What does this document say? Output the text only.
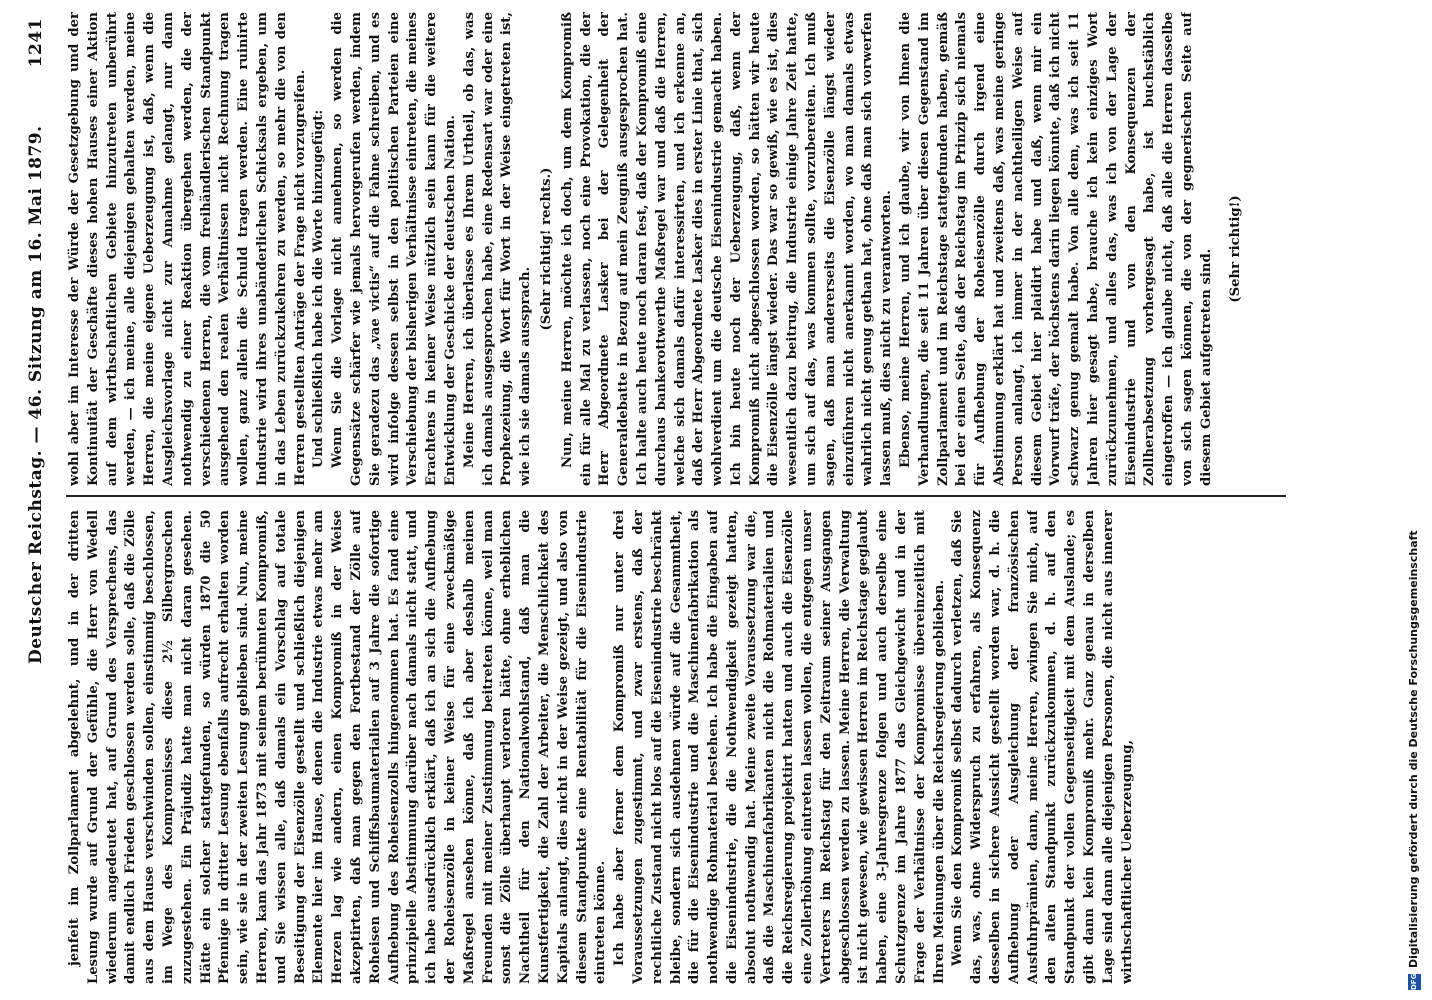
Deutscher Reichstag. — 46. Sitzung am 16. Mai 1879.
1241

jenfeit im Zollparlament abgelehnt, und in der dritten Lesung wurde auf Grund der Gefühle, die Herr von Wedell wiederum angedeutet hat, auf Grund des Versprechens, das damit endlich Frieden geschlossen werden solle, daß die Zölle aus dem Hause verschwinden sollen, einstimmig beschlossen, im Wege des Kompromisses diese 2½ Silbergroschen zuzugestehen. Ein Präjudiz hatte man nicht daran gesehen. Hätte ein solcher stattgefunden, so würden 1870 die 50 Pfennige in dritter Lesung ebenfalls aufrecht erhalten worden sein, wie sie in der zweiten Lesung geblieben sind. Nun, meine Herren, kam das Jahr 1873 mit seinem berühmten Kompromiß, und Sie wissen alle, daß damals ein Vorschlag auf totale Beseitigung der Eisenzölle gestellt und schließlich diejenigen Elemente hier im Hause, denen die Industrie etwas mehr am Herzen lag wie andern, einen Kompromiß in der Weise akzeptirten, daß man gegen den Fortbestand der Zölle auf Roheisen und Schiffsbaumaterialien auf 3 Jahre die sofortige Aufhebung des Roheisenzolls hingenommen hat. Es fand eine prinzipielle Abstimmung darüber nach damals nicht statt, und ich habe ausdrücklich erklärt, daß ich an sich die Aufhebung der Roheisenzölle in keiner Weise für eine zweckmäßige Maßregel ansehen könne, daß ich aber deshalb meinen Freunden mit meiner Zustimmung beitreten könne, weil man sonst die Zölle überhaupt verloren hätte, ohne erheblichen Nachtheil für den Nationalwohlstand, daß man die Kunstfertigkeit, die Zahl der Arbeiter, die Menschlichkeit des Kapitals anlangt, dies nicht in der Weise gezeigt, und also von diesem Standpunkte eine Rentabilität für die Eisenindustrie eintreten könne. Ich habe aber ferner dem Kompromiß nur unter drei Voraussetzungen zugestimmt, und zwar erstens, daß der rechtliche Zustand nicht blos auf die Eisenindustrie beschränkt bleibe, sondern sich ausdehnen würde auf die Gesammtheit, die für die Eisenindustrie und die Maschinenfabrikation als nothwendige Rohmaterial bestehen. Ich habe die Eingaben auf die Eisenindustrie, die die Nothwendigkeit gezeigt hatten, absolut nothwendig hat. Meine zweite Voraussetzung war die, daß die Maschinenfabrikanten nicht die Rohmaterialien und die Reichsregierung projektirt hatten und auch die Eisenzölle eine Zollerhöhung eintreten lassen wollen, die entgegen unser Vertreters im Reichstag für den Zeitraum seiner Ausgangen abgeschlossen werden zu lassen. Meine Herren, die Verwaltung ist nicht gewesen, wie gewissen Herren im Reichstage geglaubt haben, eine 3-Jahresgrenze folgen und auch derselbe eine Schutzgrenze im Jahre 1877 das Gleichgewicht und in der Frage der Verhältnisse der Kompromisse übereinzeitlich mit Ihren Meinungen über die Reichsregierung geblieben. Wenn Sie den Kompromiß selbst dadurch verletzen, daß Sie das, was, ohne Widerspruch zu erfahren, als Konsequenz desselben in sichere Aussicht gestellt worden war, d. h. die Aufhebung oder Ausgleichung der französischen Ausfuhrprämien, dann, meine Herren, zwingen Sie mich, auf den alten Standpunkt zurückzukommen, d. h. auf den Standpunkt der vollen Gegenseitigkeit mit dem Auslande; es gibt dann kein Kompromiß mehr. Ganz genau in derselben Lage sind dann alle diejenigen Personen, die nicht aus innerer wirthschaftlicher Ueberzeugung,

wohl aber im Interesse der Würde der Gesetzgebung und der Kontinuität der Geschäfte dieses hohen Hauses einer Aktion auf dem wirthschaftlichen Gebiete hinzutreten unberührt werden, — ich meine, alle diejenigen gehalten werden, meine Herren, die meine eigene Ueberzeugung ist, daß, wenn die Ausgleichsvorlage nicht zur Annahme gelangt, nur dann nothwendig zu einer Reaktion übergehen werden, die der verschiedenen Herren, die vom freihändlerischen Standpunkt ausgehend den realen Verhältnissen nicht Rechnung tragen wollen, ganz allein die Schuld tragen werden. Eine ruinirte Industrie wird ihres unabänderlichen Schicksals ergeben, um in das Leben zurückzukehren zu werden, so mehr die von den Herren gestellten Anträge der Frage nicht vorzugreifen. Und schließlich habe ich die Worte hinzugefügt: Wenn Sie die Vorlage nicht annehmen, so werden die Gegensätze schärfer wie jemals hervorgerufen werden, indem Sie geradezu das „vae victis“ auf die Fahne schreiben, und es wird infolge dessen selbst in den politischen Parteien eine Verschiebung der bisherigen Verhältnisse eintreten, die meines Erachtens in keiner Weise nützlich sein kann für die weitere Entwicklung der Geschicke der deutschen Nation. Meine Herren, ich überlasse es Ihrem Urtheil, ob das, was ich damals ausgesprochen habe, eine Redensart war oder eine Prophezeiung, die Wort für Wort in der Weise eingetreten ist, wie ich sie damals aussprach.

(Sehr richtig! rechts.) Nun, meine Herren, möchte ich doch, um dem Kompromiß ein für alle Mal zu verlassen, noch eine Provokation, die der Herr Abgeordnete Lasker bei der Gelegenheit der Generaldebatte in Bezug auf mein Zeugniß ausgesprochen hat. Ich halte auch heute noch daran fest, daß der Kompromiß eine durchaus bankerottwerthe Maßregel war und daß die Herren, welche sich damals dafür interessirten, und ich erkenne an, daß der Herr Abgeordnete Lasker dies in erster Linie that, sich wohlverdient um die deutsche Eisenindustrie gemacht haben. Ich bin heute noch der Ueberzeugung, daß, wenn der Kompromiß nicht abgeschlossen worden, so hätten wir heute die Eisenzölle längst wieder. Das war so gewiß, wie es ist, dies wesentlich dazu beitrug, die Industrie einige Jahre Zeit hatte, um sich auf das, was kommen sollte, vorzubereiten. Ich muß sagen, daß man andererseits die Eisenzölle längst wieder einzuführen nicht anerkannt worden, wo man damals etwas wahrlich nicht genug gethan hat, ohne daß man sich vorwerfen lassen muß, dies nicht zu verantworten. Ebenso, meine Herren, und ich glaube, wir von Ihnen die Verhandlungen, die seit 11 Jahren über diesen Gegenstand im Zollparlament und im Reichstage stattgefunden haben, gemäß bei der einen Seite, daß der Reichstag im Prinzip sich niemals für Aufhebung der Roheisenzölle durch irgend eine Abstimmung erklärt hat und zweitens daß, was meine geringe Person anlangt, ich immer in der nachtheiligen Weise auf diesem Gebiet hier plaidirt habe und daß, wenn mir ein Vorwurf träfe, der höchstens darin liegen könnte, daß ich nicht schwarz genug gemalt habe. Von alle dem, was ich seit 11 Jahren hier gesagt habe, brauche ich kein einziges Wort zurückzunehmen, und alles das, was ich von der Lage der Eisenindustrie und von den Konsequenzen der Zollherabsetzung vorhergesagt habe, ist buchstäblich eingetroffen — ich glaube nicht, daß alle die Herren dasselbe von sich sagen können, die von der gegnerischen Seite auf diesem Gebiet aufgetreten sind. (Sehr richtig!)

DFG
Digitalisierung gefördert durch die Deutsche Forschungsgemeinschaft
